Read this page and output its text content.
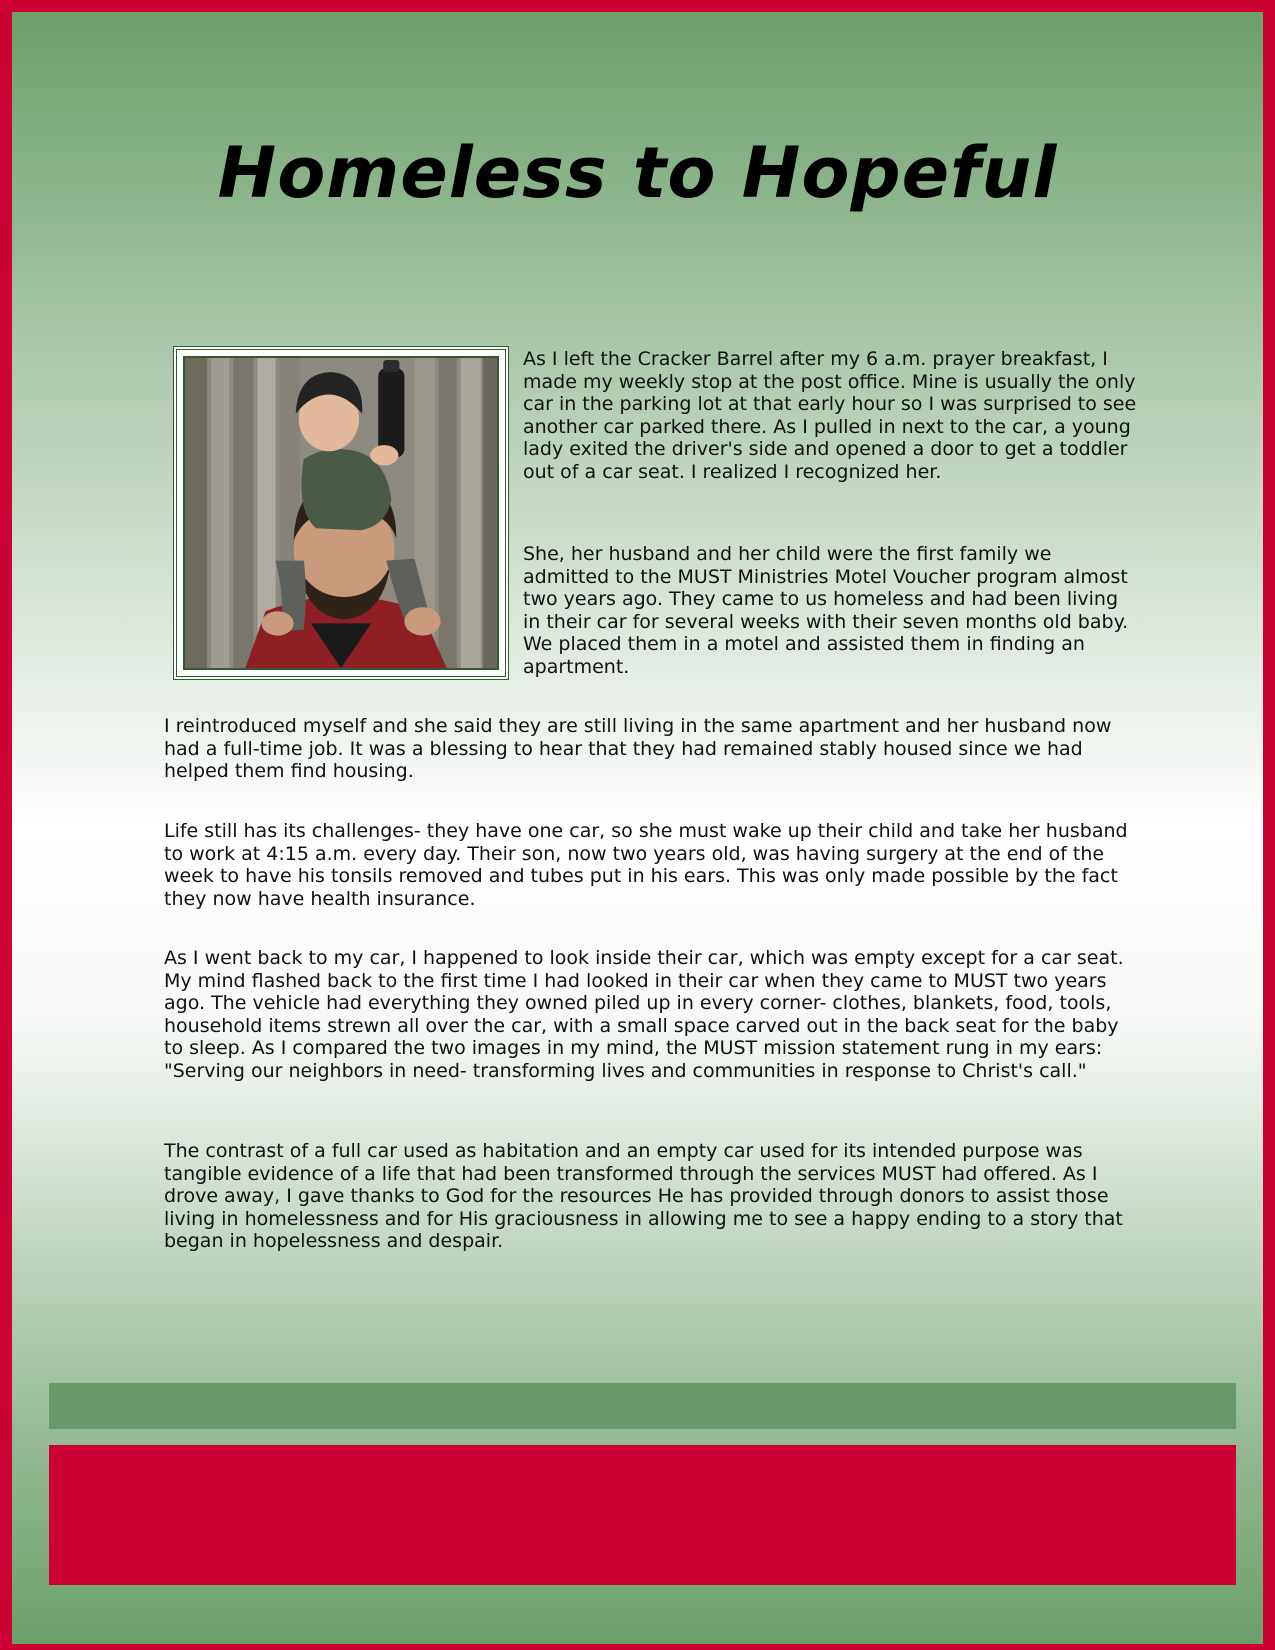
Homeless to Hopeful

As I left the Cracker Barrel after my 6 a.m. prayer breakfast, I made my weekly stop at the post office. Mine is usually the only car in the parking lot at that early hour so I was surprised to see another car parked there. As I pulled in next to the car, a young lady exited the driver's side and opened a door to get a toddler out of a car seat. I realized I recognized her.

She, her husband and her child were the first family we admitted to the MUST Ministries Motel Voucher program almost two years ago. They came to us homeless and had been living in their car for several weeks with their seven months old baby. We placed them in a motel and assisted them in finding an apartment.

I reintroduced myself and she said they are still living in the same apartment and her husband now had a full-time job. It was a blessing to hear that they had remained stably housed since we had helped them find housing.

Life still has its challenges- they have one car, so she must wake up their child and take her husband to work at 4:15 a.m. every day. Their son, now two years old, was having surgery at the end of the week to have his tonsils removed and tubes put in his ears. This was only made possible by the fact they now have health insurance.

As I went back to my car, I happened to look inside their car, which was empty except for a car seat. My mind flashed back to the first time I had looked in their car when they came to MUST two years ago. The vehicle had everything they owned piled up in every corner- clothes, blankets, food, tools, household items strewn all over the car, with a small space carved out in the back seat for the baby to sleep. As I compared the two images in my mind, the MUST mission statement rung in my ears: "Serving our neighbors in need- transforming lives and communities in response to Christ's call."

The contrast of a full car used as habitation and an empty car used for its intended purpose was tangible evidence of a life that had been transformed through the services MUST had offered. As I drove away, I gave thanks to God for the resources He has provided through donors to assist those living in homelessness and for His graciousness in allowing me to see a happy ending to a story that began in hopelessness and despair.
